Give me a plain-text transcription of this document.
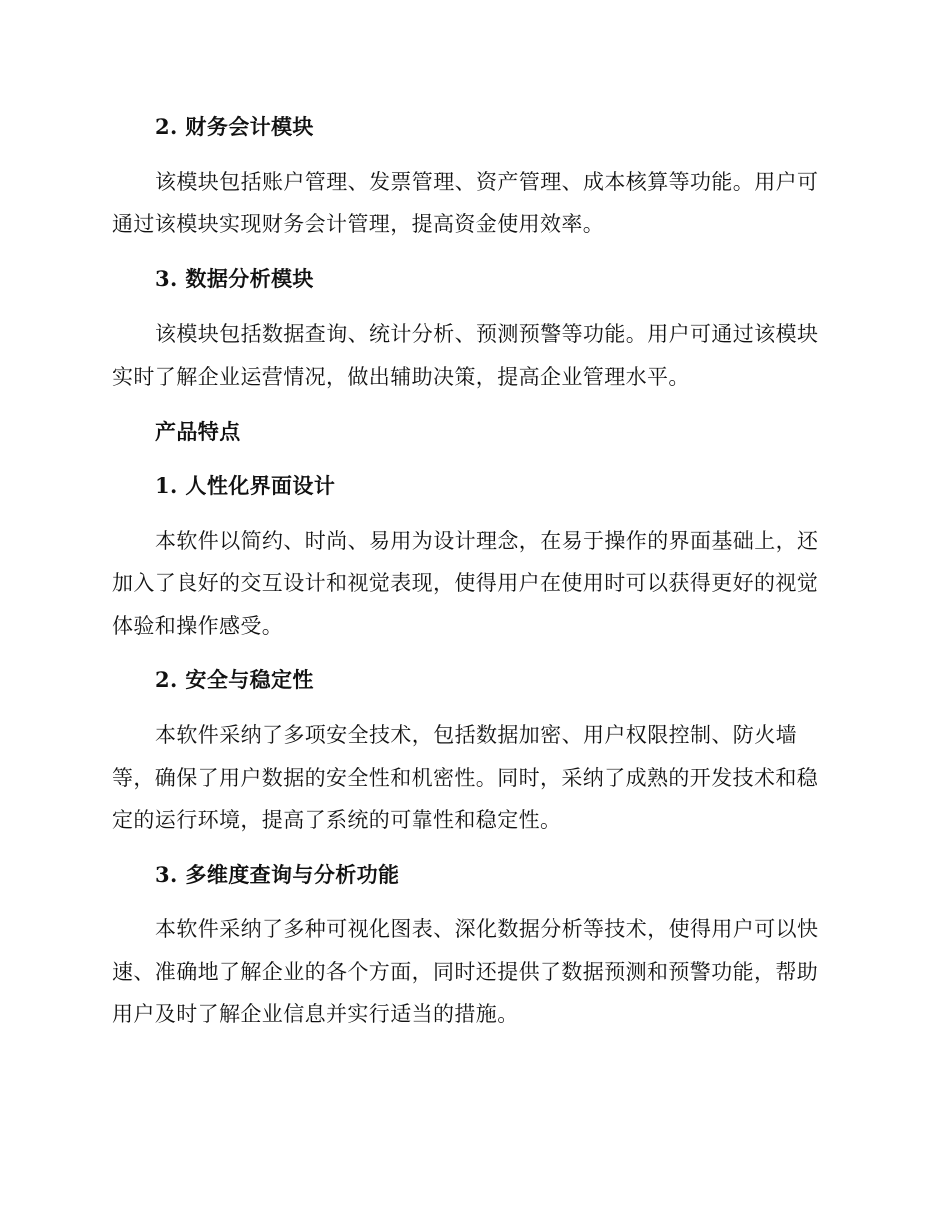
2. 财务会计模块
该模块包括账户管理、发票管理、资产管理、成本核算等功能。用户可
通过该模块实现财务会计管理，提高资金使用效率。
3. 数据分析模块
该模块包括数据查询、统计分析、预测预警等功能。用户可通过该模块
实时了解企业运营情况，做出辅助决策，提高企业管理水平。
产品特点
1. 人性化界面设计
本软件以简约、时尚、易用为设计理念，在易于操作的界面基础上，还
加入了良好的交互设计和视觉表现，使得用户在使用时可以获得更好的视觉
体验和操作感受。
2. 安全与稳定性
本软件采纳了多项安全技术，包括数据加密、用户权限控制、防火墙
等，确保了用户数据的安全性和机密性。同时，采纳了成熟的开发技术和稳
定的运行环境，提高了系统的可靠性和稳定性。
3. 多维度查询与分析功能
本软件采纳了多种可视化图表、深化数据分析等技术，使得用户可以快
速、准确地了解企业的各个方面，同时还提供了数据预测和预警功能，帮助
用户及时了解企业信息并实行适当的措施。
